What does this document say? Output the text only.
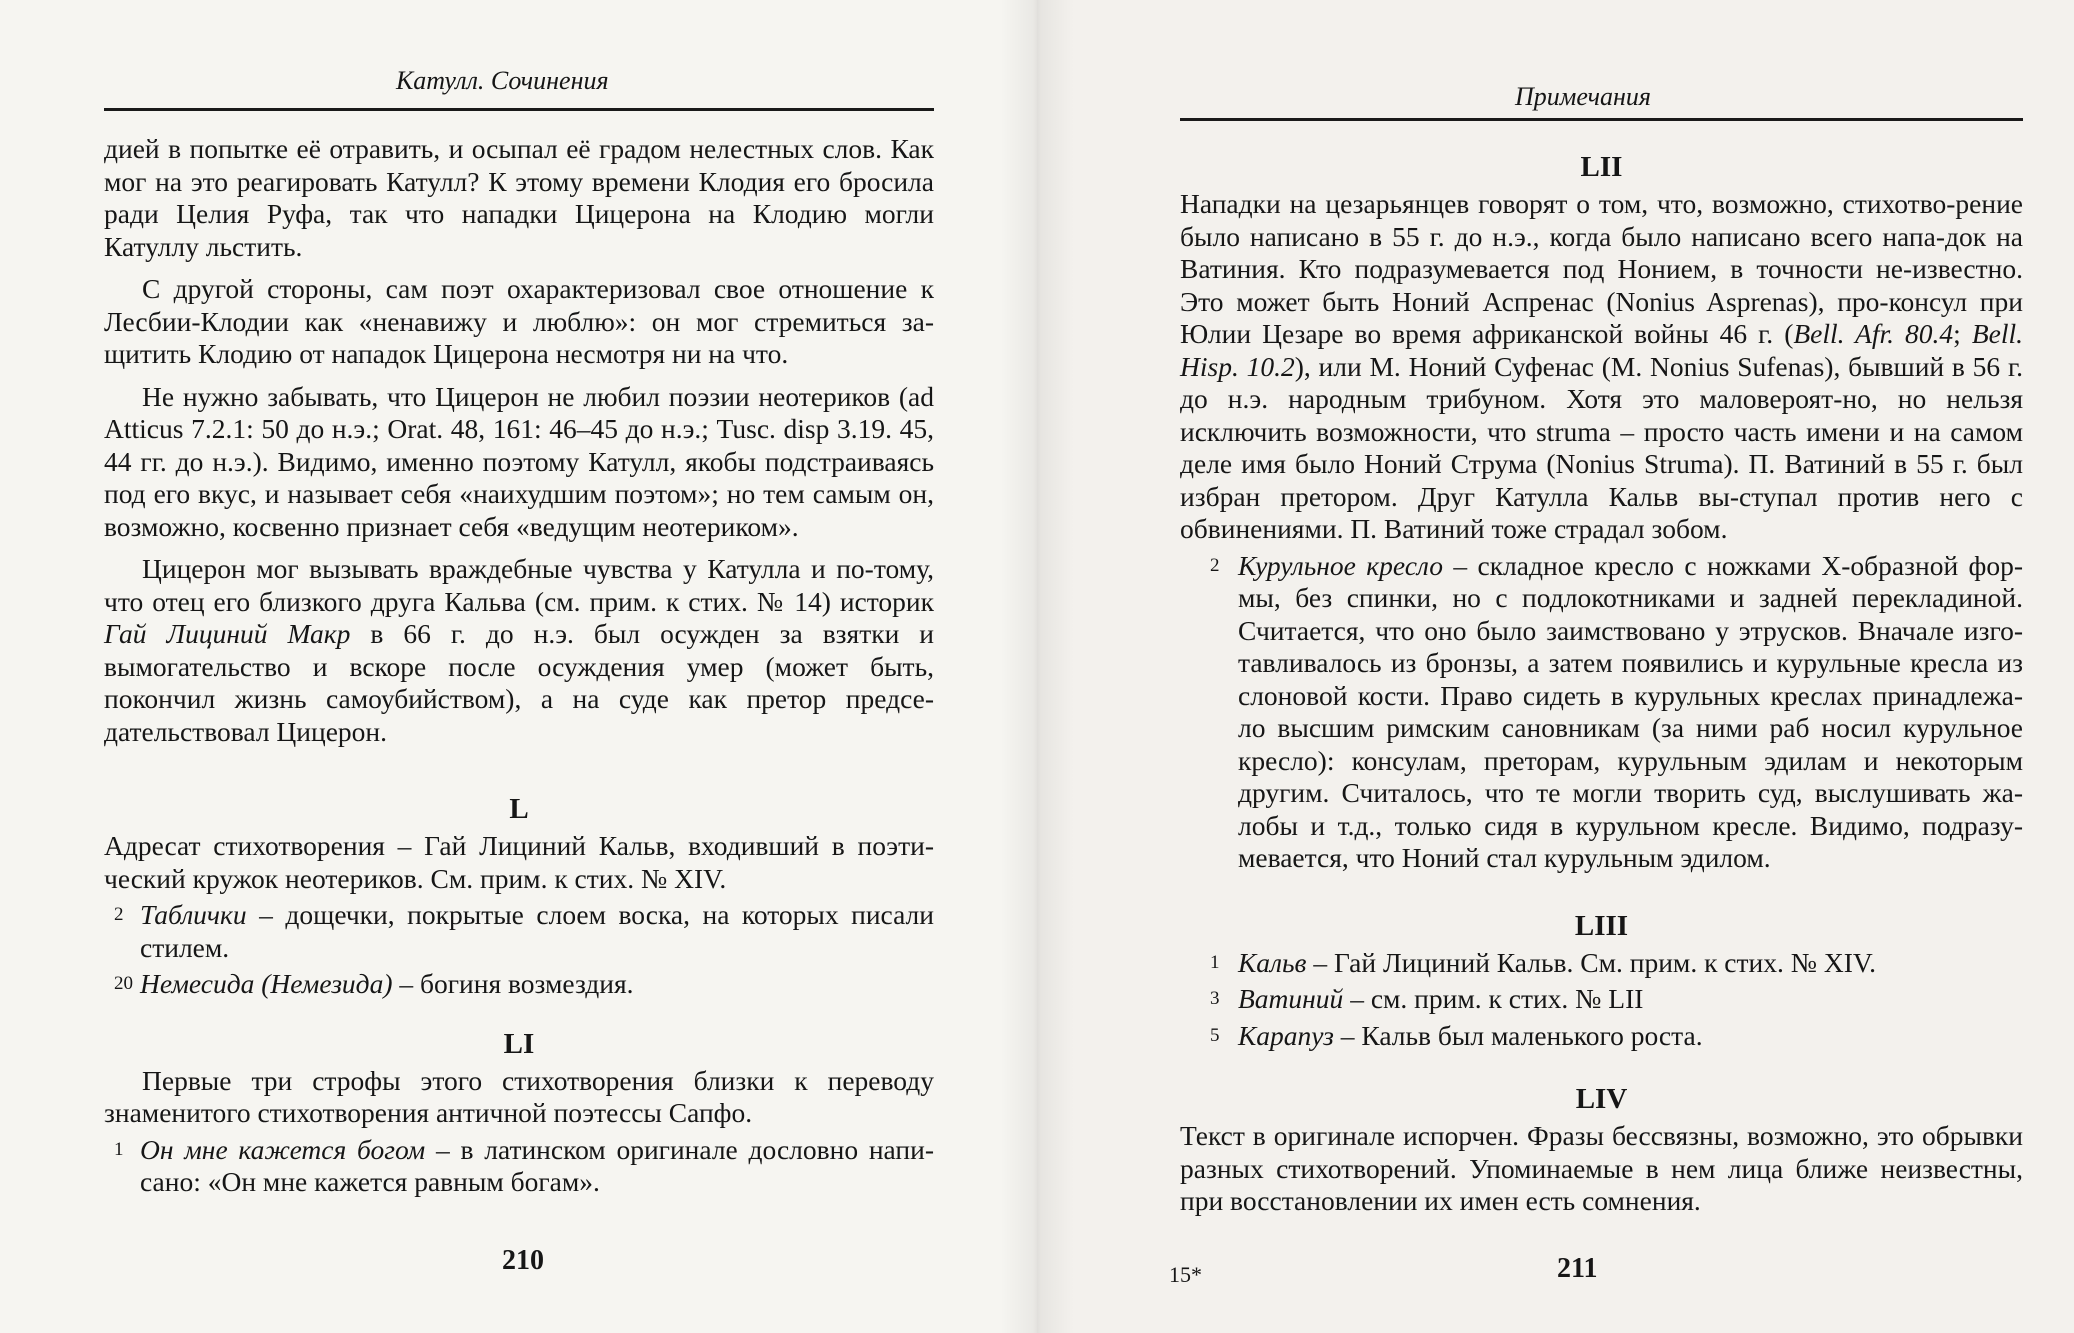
Катулл. Сочинения

дией в попытке её отравить, и осыпал её градом нелестных слов. Как мог на это реагировать Катулл? К этому времени Клодия его бросила ради Целия Руфа, так что нападки Цицерона на Клодию могли Катуллу льстить.

С другой стороны, сам поэт охарактеризовал свое отношение к Лесбии-Клодии как «ненавижу и люблю»: он мог стремиться за-щитить Клодию от нападок Цицерона несмотря ни на что.

Не нужно забывать, что Цицерон не любил поэзии неотериков (ad Atticus 7.2.1: 50 до н.э.; Orat. 48, 161: 46–45 до н.э.; Tusc. disp 3.19. 45, 44 гг. до н.э.). Видимо, именно поэтому Катулл, якобы подстраиваясь под его вкус, и называет себя «наихудшим поэтом»; но тем самым он, возможно, косвенно признает себя «ведущим неотериком».

Цицерон мог вызывать враждебные чувства у Катулла и по-тому, что отец его близкого друга Кальва (см. прим. к стих. № 14) историк Гай Лициний Макр в 66 г. до н.э. был осужден за взятки и вымогательство и вскоре после осуждения умер (может быть, покончил жизнь самоубийством), а на суде как претор предсе-дательствовал Цицерон.

L

Адресат стихотворения – Гай Лициний Кальв, входивший в поэти-ческий кружок неотериков. См. прим. к стих. № XIV.

2 Таблички – дощечки, покрытые слоем воска, на которых писали стилем.
20 Немесида (Немезида) – богиня возмездия.
LI

Первые три строфы этого стихотворения близки к переводу знаменитого стихотворения античной поэтессы Сапфо.

1 Он мне кажется богом – в латинском оригинале дословно напи-сано: «Он мне кажется равным богам».
210
Примечания
LII

Нападки на цезарьянцев говорят о том, что, возможно, стихотво-рение было написано в 55 г. до н.э., когда было написано всего напа-док на Ватиния. Кто подразумевается под Нонием, в точности не-известно. Это может быть Ноний Аспренас (Nonius Asprenas), про-консул при Юлии Цезаре во время африканской войны 46 г. (Bell. Afr. 80.4; Bell. Hisp. 10.2), или М. Ноний Суфенас (M. Nonius Sufenas), бывший в 56 г. до н.э. народным трибуном. Хотя это маловероят-но, но нельзя исключить возможности, что struma – просто часть имени и на самом деле имя было Ноний Струма (Nonius Struma). П. Ватиний в 55 г. был избран претором. Друг Катулла Кальв вы-ступал против него с обвинениями. П. Ватиний тоже страдал зобом.

2 Курульное кресло – складное кресло с ножками Х-образной фор-мы, без спинки, но с подлокотниками и задней перекладиной. Считается, что оно было заимствовано у этрусков. Вначале изго-тавливалось из бронзы, а затем появились и курульные кресла из слоновой кости. Право сидеть в курульных креслах принадлежа-ло высшим римским сановникам (за ними раб носил курульное кресло): консулам, преторам, курульным эдилам и некоторым другим. Считалось, что те могли творить суд, выслушивать жа-лобы и т.д., только сидя в курульном кресле. Видимо, подразу-мевается, что Ноний стал курульным эдилом.
LIII
1 Кальв – Гай Лициний Кальв. См. прим. к стих. № XIV.
3 Ватиний – см. прим. к стих. № LII
5 Карапуз – Кальв был маленького роста.
LIV

Текст в оригинале испорчен. Фразы бессвязны, возможно, это обрывки разных стихотворений. Упоминаемые в нем лица ближе неизвестны, при восстановлении их имен есть сомнения.

15*	211
